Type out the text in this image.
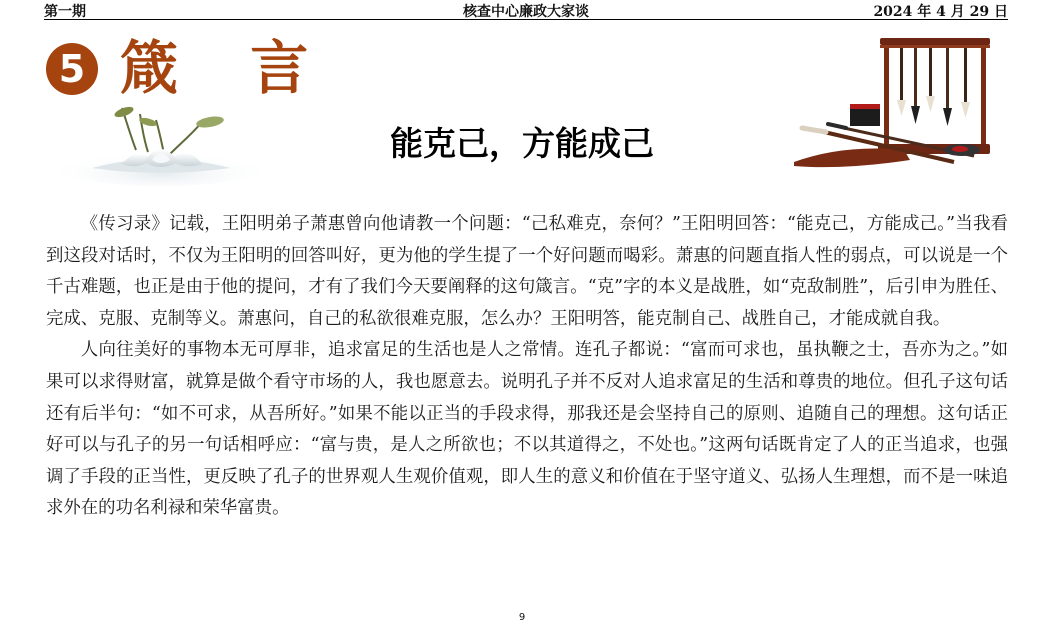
第一期	核查中心廉政大家谈	2024 年 4 月 29 日
5 箴 言
能克己，方能成己

《传习录》记载，王阳明弟子萧惠曾向他请教一个问题：“己私难克，奈何？”王阳明回答：“能克己，方能成己。”当我看到这段对话时，不仅为王阳明的回答叫好，更为他的学生提了一个好问题而喝彩。萧惠的问题直指人性的弱点，可以说是一个千古难题，也正是由于他的提问，才有了我们今天要阐释的这句箴言。“克”字的本义是战胜，如“克敌制胜”，后引申为胜任、完成、克服、克制等义。萧惠问，自己的私欲很难克服，怎么办？王阳明答，能克制自己、战胜自己，才能成就自我。

人向往美好的事物本无可厚非，追求富足的生活也是人之常情。连孔子都说：“富而可求也，虽执鞭之士，吾亦为之。”如果可以求得财富，就算是做个看守市场的人，我也愿意去。说明孔子并不反对人追求富足的生活和尊贵的地位。但孔子这句话还有后半句：“如不可求，从吾所好。”如果不能以正当的手段求得，那我还是会坚持自己的原则、追随自己的理想。这句话正好可以与孔子的另一句话相呼应：“富与贵，是人之所欲也；不以其道得之，不处也。”这两句话既肯定了人的正当追求，也强调了手段的正当性，更反映了孔子的世界观人生观价值观，即人生的意义和价值在于坚守道义、弘扬人生理想，而不是一味追求外在的功名利禄和荣华富贵。

9
